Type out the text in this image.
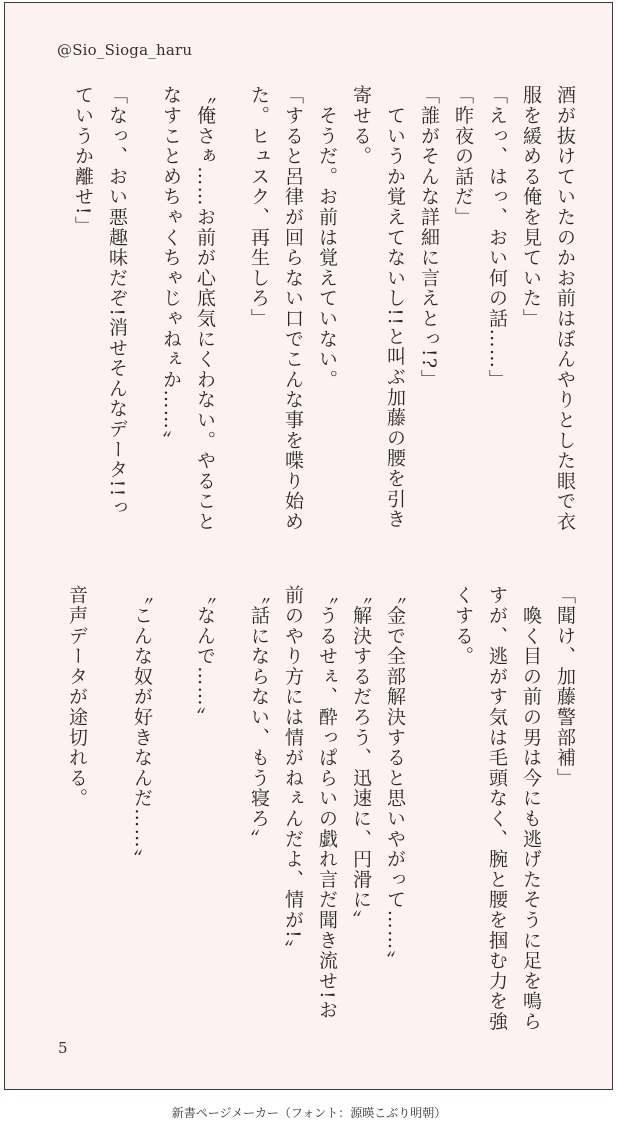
@Sio_Sioga_haru
酒が抜けていたのかお前はぼんやりとした眼で衣
服を緩める俺を見ていた」
「えっ、はっ、おい何の話……」
「昨夜の話だ」
「誰がそんな詳細に言えとっ!?」
　ていうか覚えてないし!!と叫ぶ加藤の腰を引き
寄せる。
　そうだ。お前は覚えていない。
「すると呂律が回らない口でこんな事を喋り始め
た。ヒュスク、再生しろ」
〝俺さぁ……お前が心底気にくわない。やること
なすことめちゃくちゃじゃねぇか……〟
「なっ、おい悪趣味だぞ!消せそんなデータ!!っ
ていうか離せ!」
「聞け、加藤警部補」
　喚く目の前の男は今にも逃げたそうに足を鳴ら
すが、逃がす気は毛頭なく、腕と腰を掴む力を強
くする。
〝金で全部解決すると思いやがって……〟
〝解決するだろう、迅速に、円滑に〟
〝うるせぇ、酔っぱらいの戯れ言だ聞き流せ!お
前のやり方には情がねぇんだよ、情が!〟
〝話にならない、もう寝ろ〟
〝なんで……〟
〝こんな奴が好きなんだ……〟
音声データが途切れる。
5
新書ページメーカー（フォント：源暎こぶり明朝）
